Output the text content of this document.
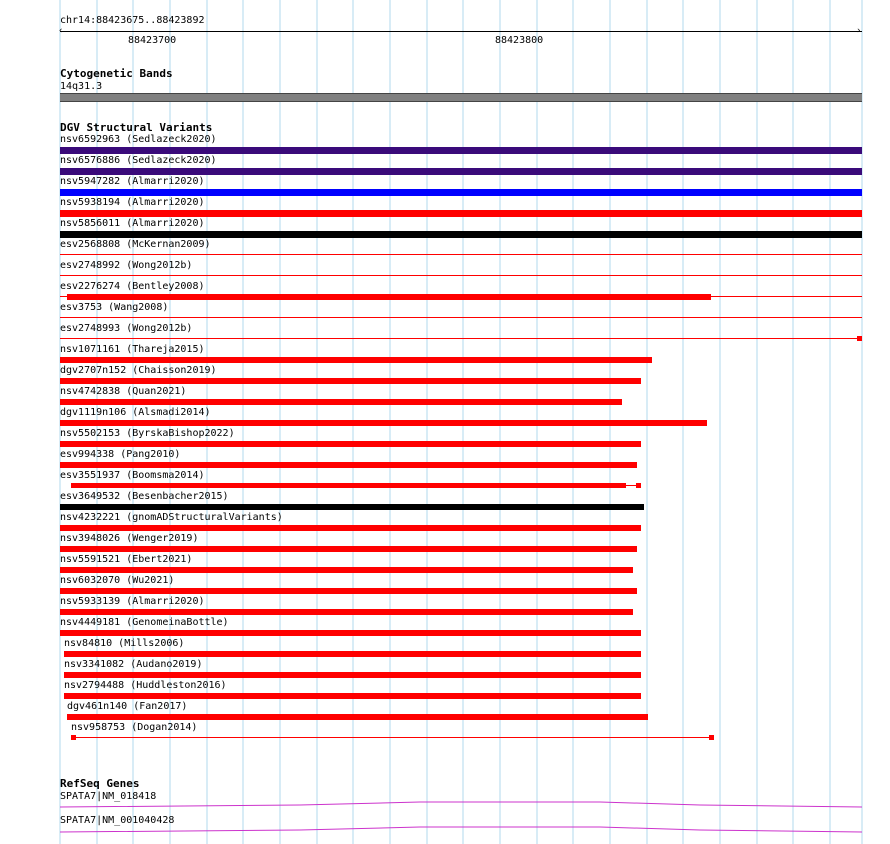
chr14:88423675..88423892
‹	›
88423700	88423800
Cytogenetic Bands
14q31.3
DGV Structural Variants
nsv6592963 (Sedlazeck2020)
nsv6576886 (Sedlazeck2020)
nsv5947282 (Almarri2020)
nsv5938194 (Almarri2020)
nsv5856011 (Almarri2020)
esv2568808 (McKernan2009)
esv2748992 (Wong2012b)
esv2276274 (Bentley2008)
esv3753 (Wang2008)
esv2748993 (Wong2012b)
nsv1071161 (Thareja2015)
dgv2707n152 (Chaisson2019)
nsv4742838 (Quan2021)
dgv1119n106 (Alsmadi2014)
nsv5502153 (ByrskaBishop2022)
esv994338 (Pang2010)
esv3551937 (Boomsma2014)
esv3649532 (Besenbacher2015)
nsv4232221 (gnomADStructuralVariants)
nsv3948026 (Wenger2019)
nsv5591521 (Ebert2021)
nsv6032070 (Wu2021)
nsv5933139 (Almarri2020)
nsv4449181 (GenomeinaBottle)
nsv84810 (Mills2006)
nsv3341082 (Audano2019)
nsv2794488 (Huddleston2016)
dgv461n140 (Fan2017)
nsv958753 (Dogan2014)
RefSeq Genes
SPATA7|NM_018418
SPATA7|NM_001040428
